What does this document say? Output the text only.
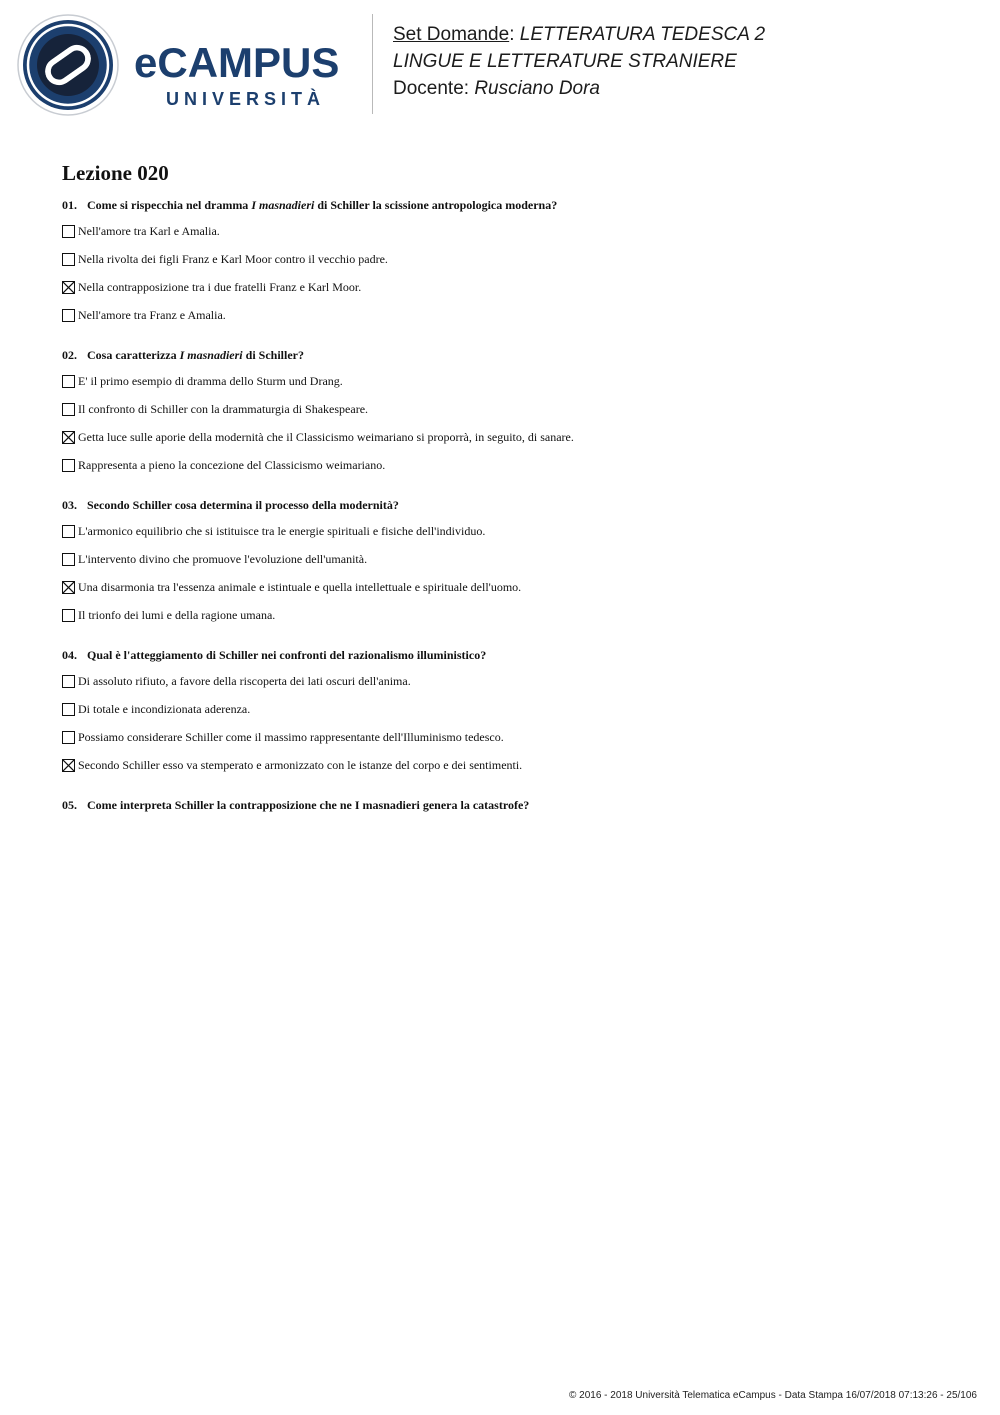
eCAMPUS
UNIVERSITÀ
Set Domande: LETTERATURA TEDESCA 2
LINGUE E LETTERATURE STRANIERE
Docente: Rusciano Dora
Lezione 020
01. Come si rispecchia nel dramma I masnadieri di Schiller la scissione antropologica moderna?
Nell'amore tra Karl e Amalia.
Nella rivolta dei figli Franz e Karl Moor contro il vecchio padre.
Nella contrapposizione tra i due fratelli Franz e Karl Moor.
Nell'amore tra Franz e Amalia.
02. Cosa caratterizza I masnadieri di Schiller?
E' il primo esempio di dramma dello Sturm und Drang.
Il confronto di Schiller con la drammaturgia di Shakespeare.
Getta luce sulle aporie della modernità che il Classicismo weimariano si proporrà, in seguito, di sanare.
Rappresenta a pieno la concezione del Classicismo weimariano.
03. Secondo Schiller cosa determina il processo della modernità?
L'armonico equilibrio che si istituisce tra le energie spirituali e fisiche dell'individuo.
L'intervento divino che promuove l'evoluzione dell'umanità.
Una disarmonia tra l'essenza animale e istintuale e quella intellettuale e spirituale dell'uomo.
Il trionfo dei lumi e della ragione umana.
04. Qual è l'atteggiamento di Schiller nei confronti del razionalismo illuministico?
Di assoluto rifiuto, a favore della riscoperta dei lati oscuri dell'anima.
Di totale e incondizionata aderenza.
Possiamo considerare Schiller come il massimo rappresentante dell'Illuminismo tedesco.
Secondo Schiller esso va stemperato e armonizzato con le istanze del corpo e dei sentimenti.
05. Come interpreta Schiller la contrapposizione che ne I masnadieri genera la catastrofe?
© 2016 - 2018 Università Telematica eCampus - Data Stampa 16/07/2018 07:13:26 - 25/106
